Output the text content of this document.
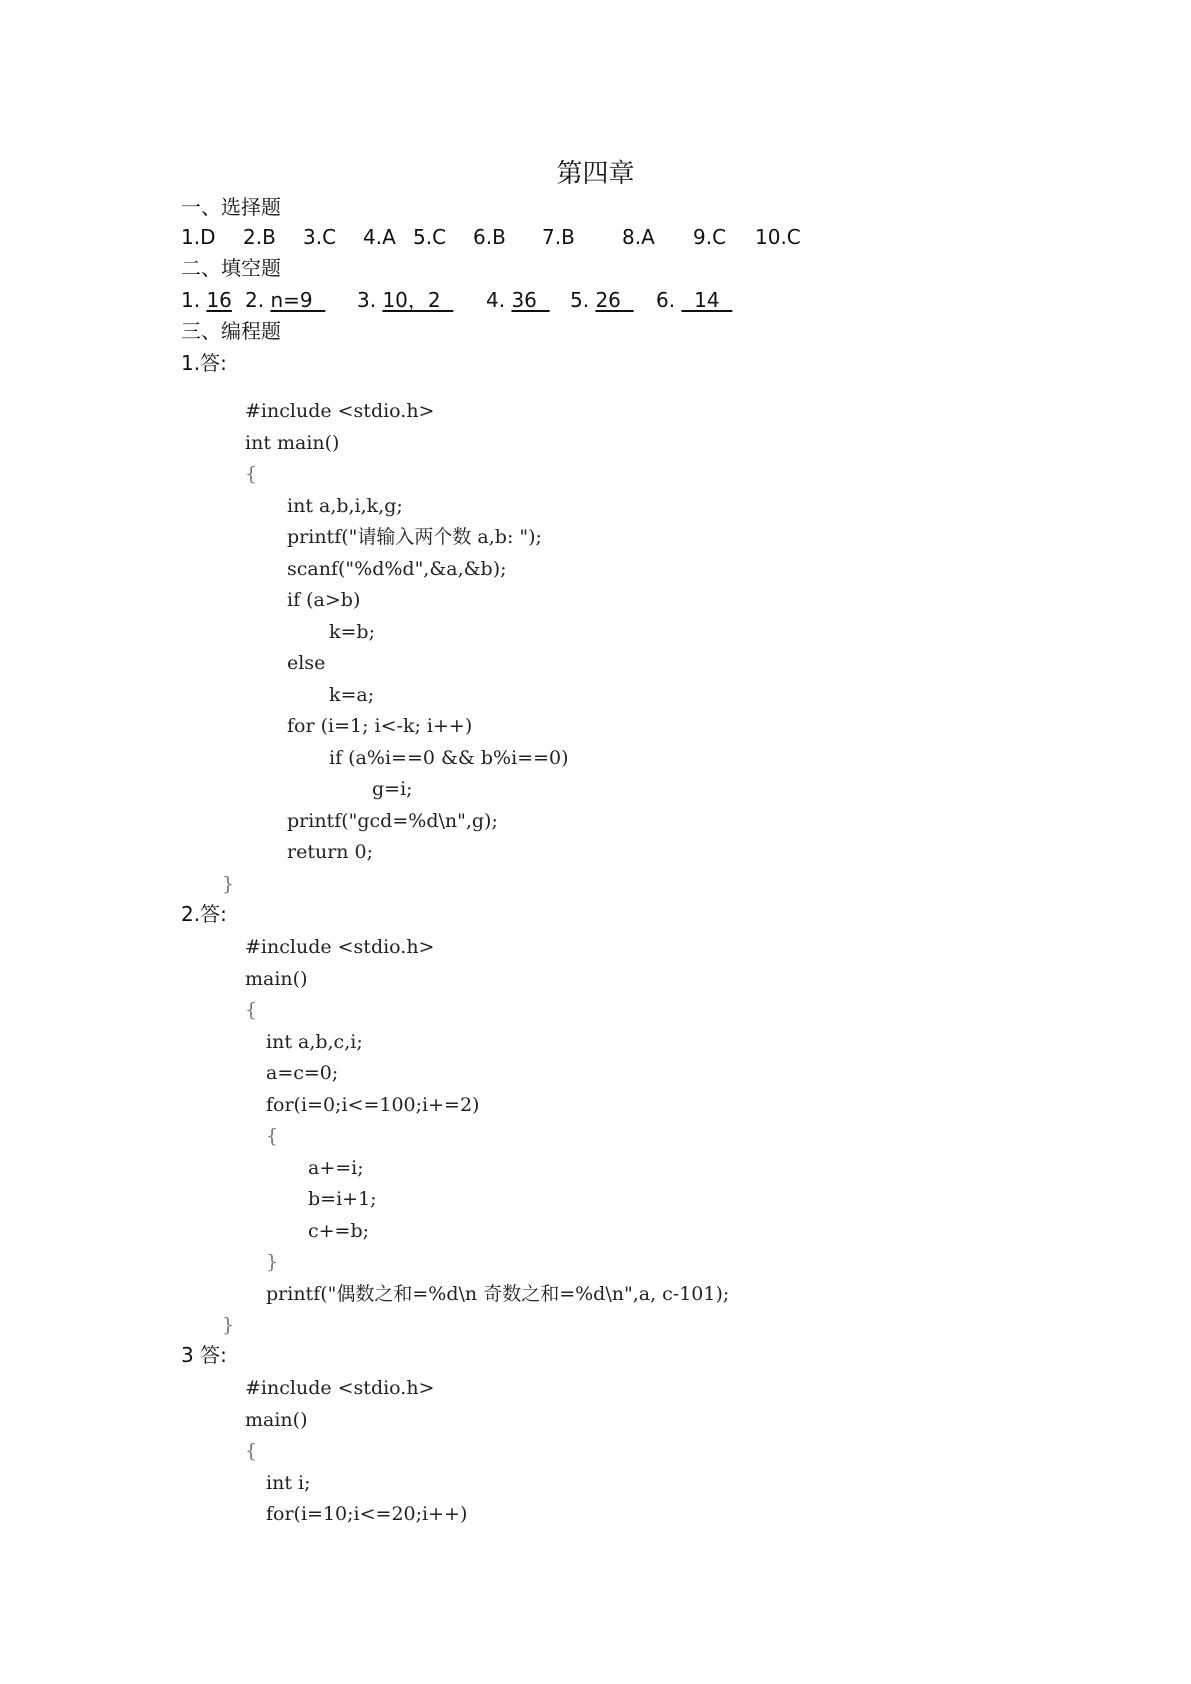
第四章
一、选择题
1.D 2.B 3.C 4.A 5.C 6.B 7.B 8.A 9.C 10.C
二、填空题
1. 16 2. n=9 3. 10，2 4. 36 5. 26 6.   14
三、编程题
1.答:
#include <stdio.h>
int main()
{
int a,b,i,k,g;
printf("请输入两个数 a,b: ");
scanf("%d%d",&a,&b);
if (a>b)
k=b;
else
k=a;
for (i=1; i<-k; i++)
if (a%i==0 && b%i==0)
g=i;
printf("gcd=%d\n",g);
return 0;
}
2.答:
#include <stdio.h>
main()
{
int a,b,c,i;
a=c=0;
for(i=0;i<=100;i+=2)
{
a+=i;
b=i+1;
c+=b;
}
printf("偶数之和=%d\n 奇数之和=%d\n",a, c-101);
}
3 答:
#include <stdio.h>
main()
{
int i;
for(i=10;i<=20;i++)
